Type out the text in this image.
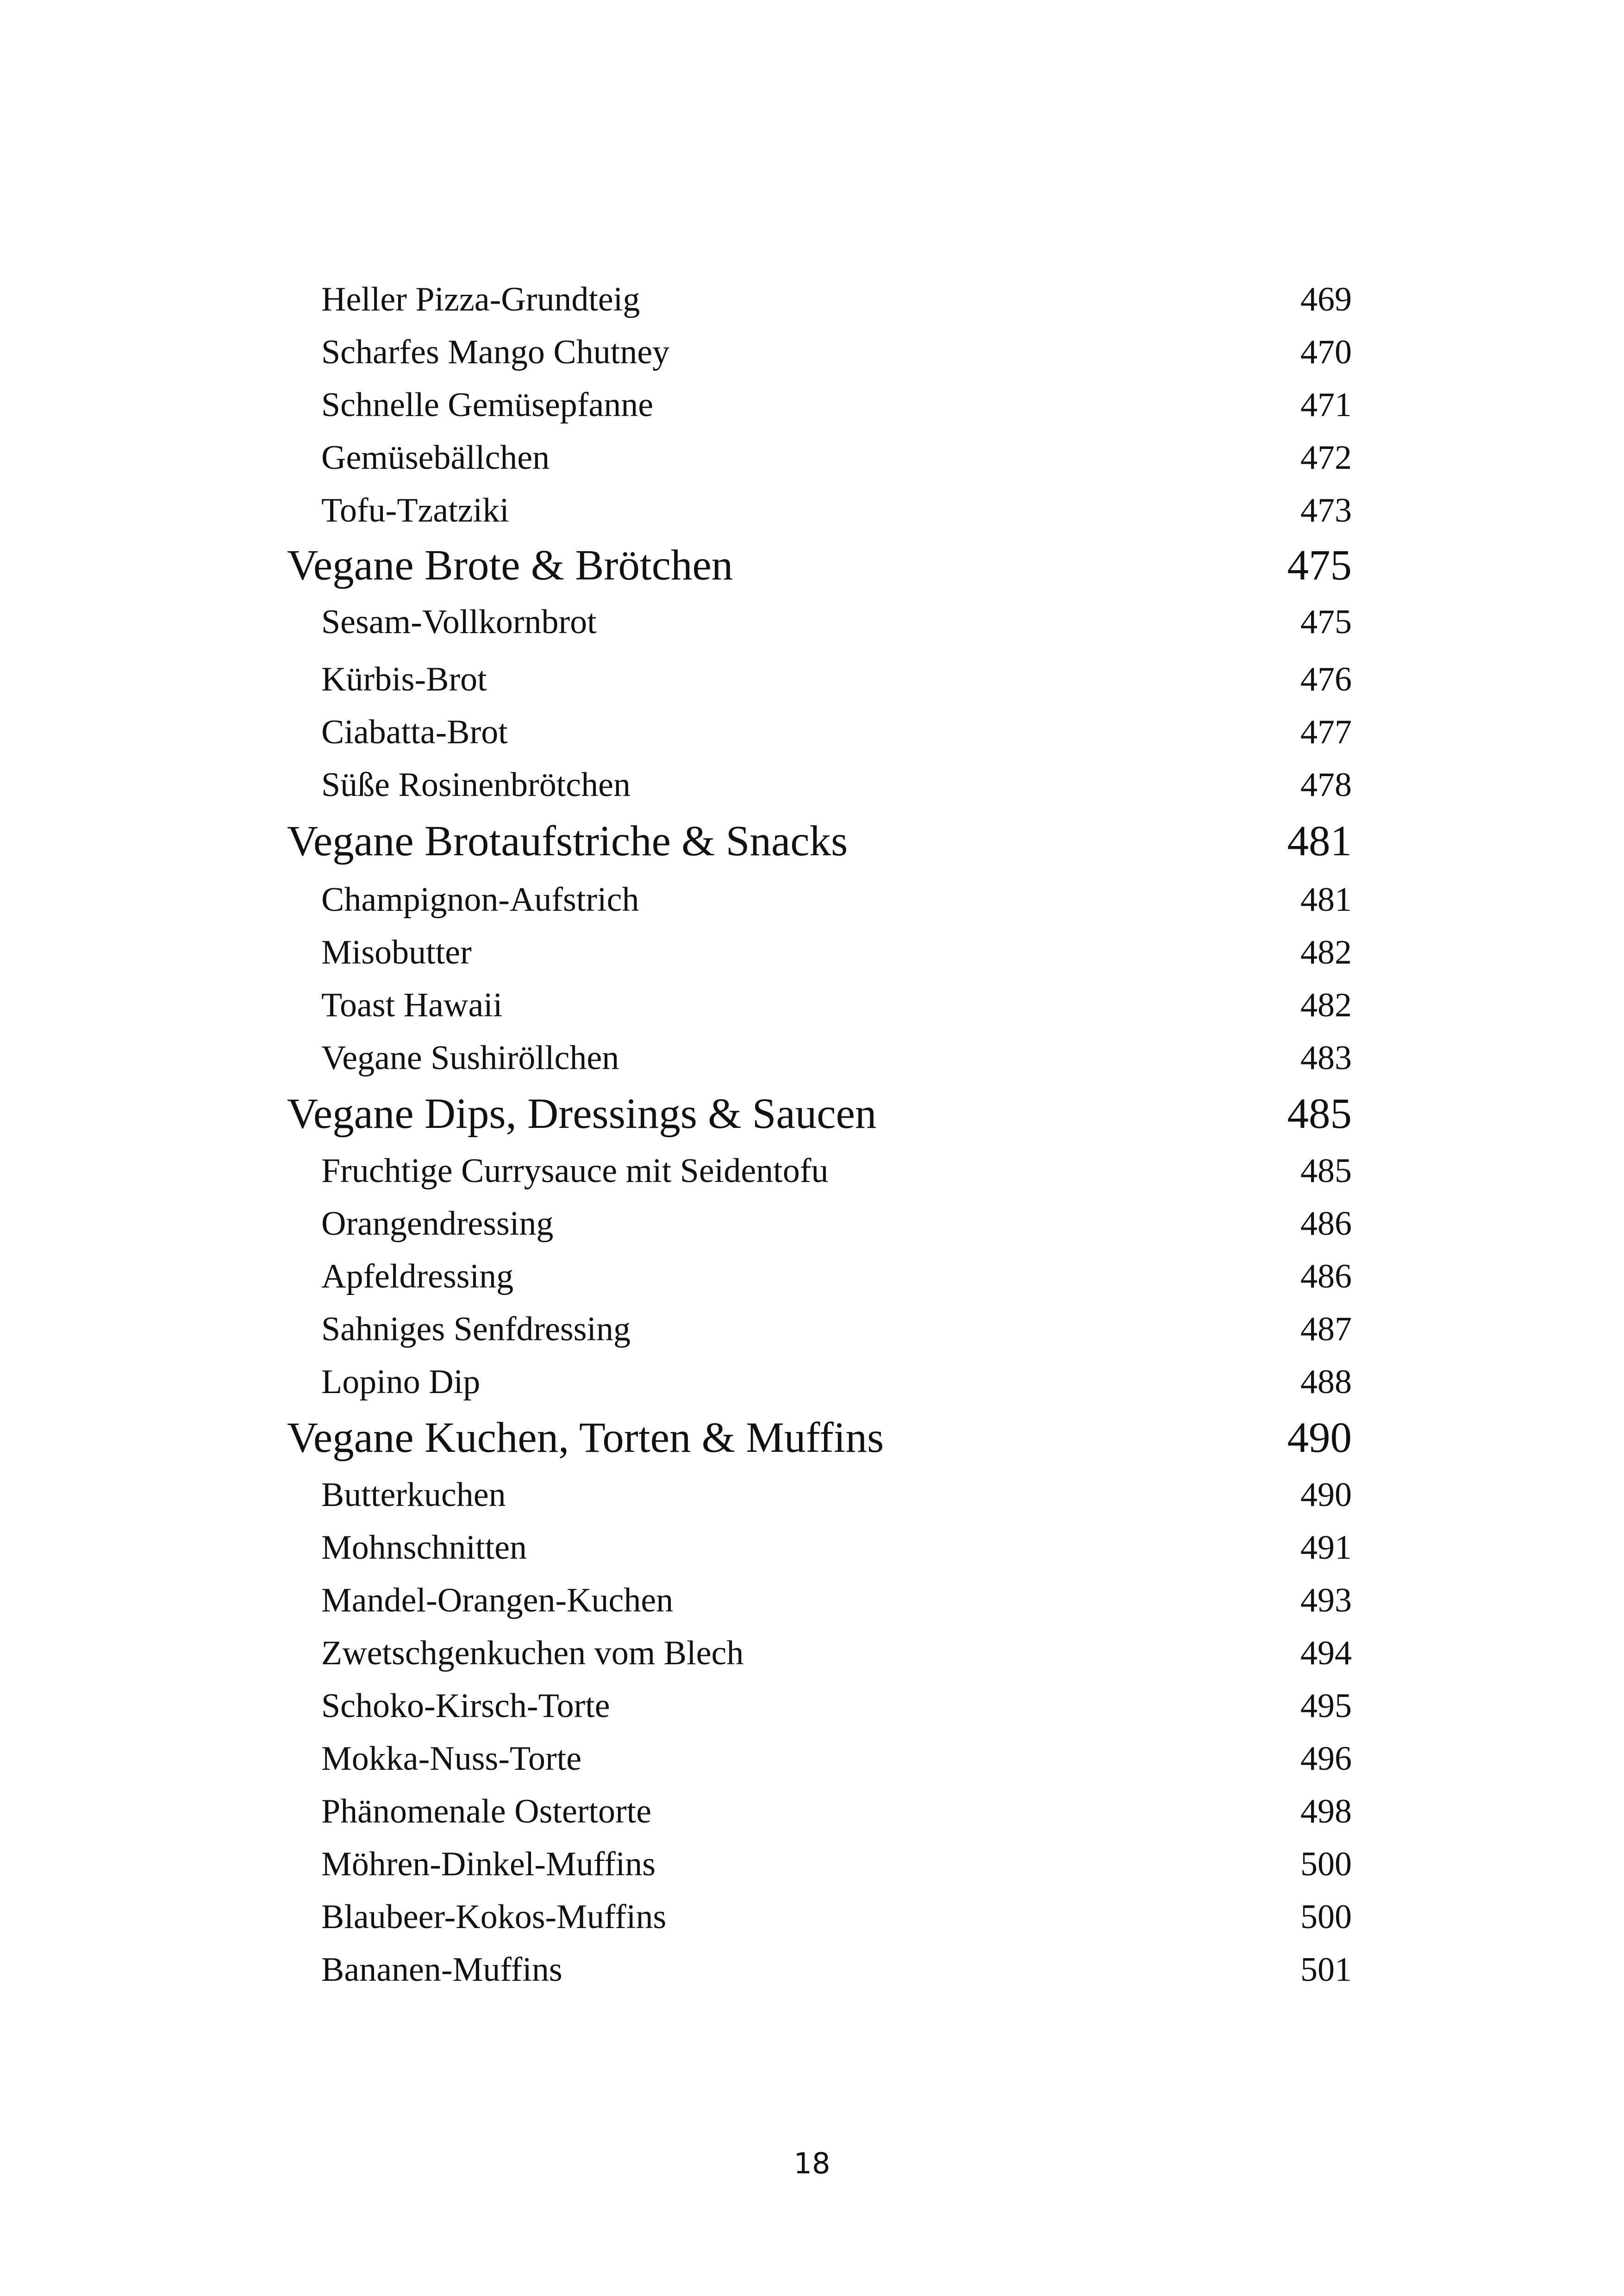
Heller Pizza-Grundteig	469
Scharfes Mango Chutney	470
Schnelle Gemüsepfanne	471
Gemüsebällchen	472
Tofu-Tzatziki	473
Vegane Brote & Brötchen	475
Sesam-Vollkornbrot	475
Kürbis-Brot	476
Ciabatta-Brot	477
Süße Rosinenbrötchen	478
Vegane Brotaufstriche & Snacks	481
Champignon-Aufstrich	481
Misobutter	482
Toast Hawaii	482
Vegane Sushiröllchen	483
Vegane Dips, Dressings & Saucen	485
Fruchtige Currysauce mit Seidentofu	485
Orangendressing	486
Apfeldressing	486
Sahniges Senfdressing	487
Lopino Dip	488
Vegane Kuchen, Torten & Muffins	490
Butterkuchen	490
Mohnschnitten	491
Mandel-Orangen-Kuchen	493
Zwetschgenkuchen vom Blech	494
Schoko-Kirsch-Torte	495
Mokka-Nuss-Torte	496
Phänomenale Ostertorte	498
Möhren-Dinkel-Muffins	500
Blaubeer-Kokos-Muffins	500
Bananen-Muffins	501
18
